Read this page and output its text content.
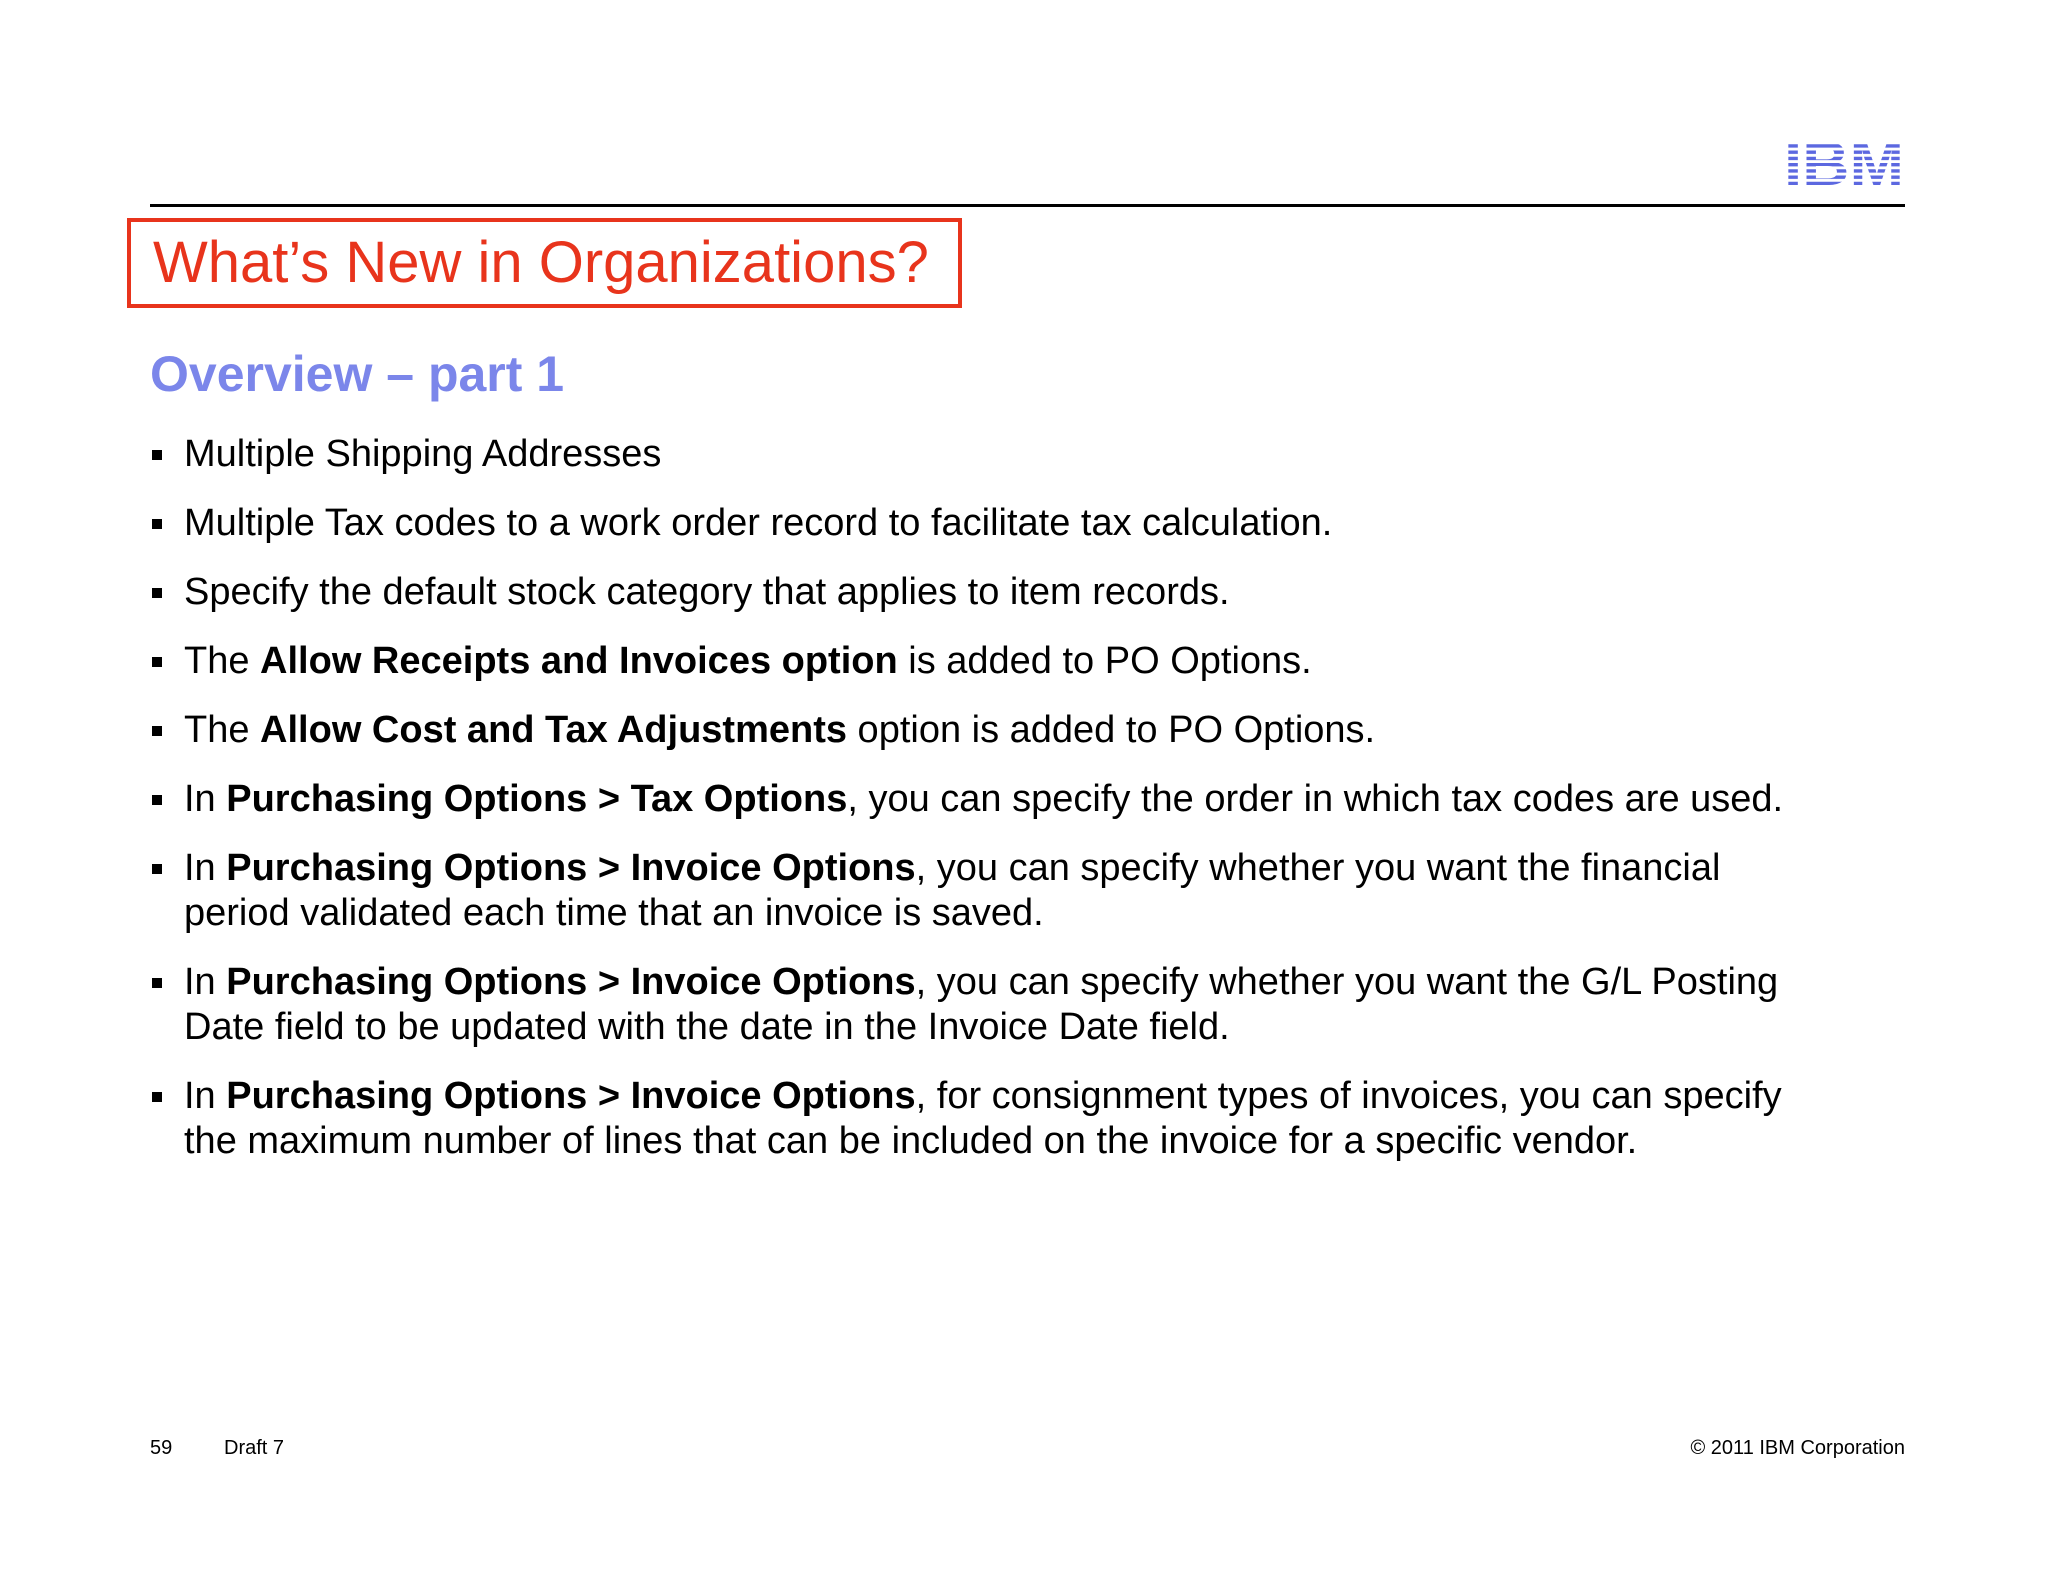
What’s New in Organizations?
Overview – part 1
Multiple Shipping Addresses
Multiple Tax codes to a work order record to facilitate tax calculation.
Specify the default stock category that applies to item records.
The Allow Receipts and Invoices option is added to PO Options.
The Allow Cost and Tax Adjustments option is added to PO Options.
In Purchasing Options > Tax Options, you can specify the order in which tax codes are used.
In Purchasing Options > Invoice Options, you can specify whether you want the financial
period validated each time that an invoice is saved.
In Purchasing Options > Invoice Options, you can specify whether you want the G/L Posting
Date field to be updated with the date in the Invoice Date field.
In Purchasing Options > Invoice Options, for consignment types of invoices, you can specify
the maximum number of lines that can be included on the invoice for a specific vendor.
59	Draft 7	© 2011 IBM Corporation
